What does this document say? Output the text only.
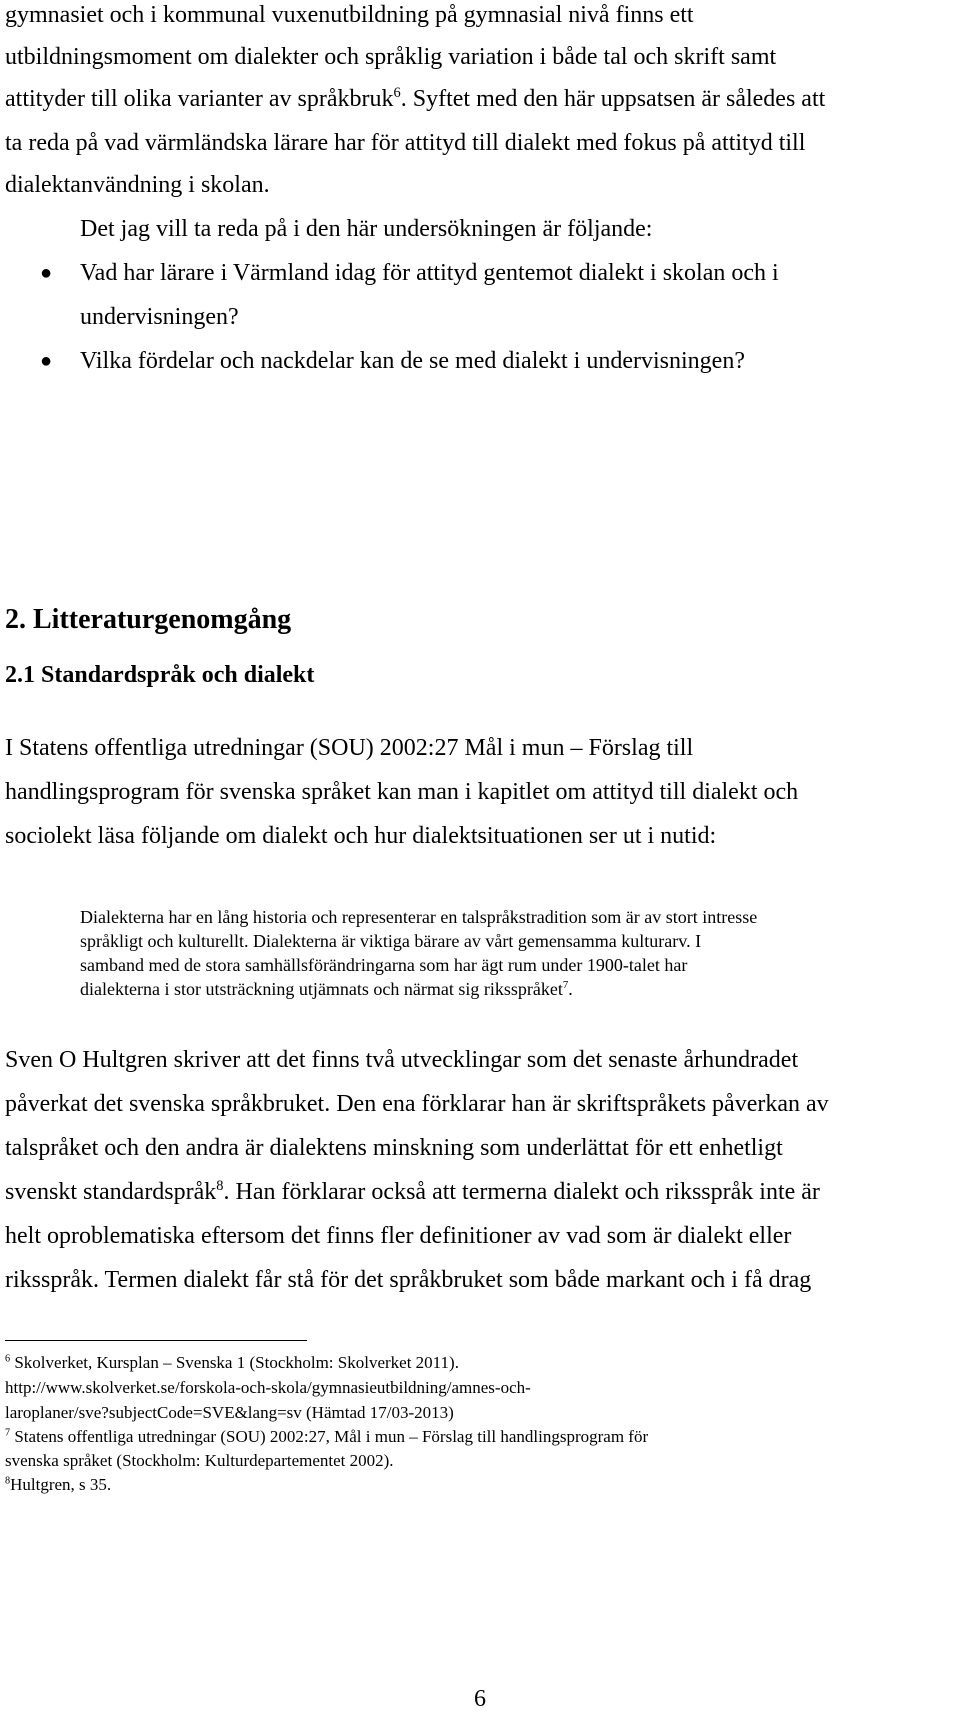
gymnasiet och i kommunal vuxenutbildning på gymnasial nivå finns ett
utbildningsmoment om dialekter och språklig variation i både tal och skrift samt
attityder till olika varianter av språkbruk$^6$. Syftet med den här uppsatsen är således att
ta reda på vad värmländska lärare har för attityd till dialekt med fokus på attityd till
dialektanvändning i skolan.
Det jag vill ta reda på i den här undersökningen är följande:
● Vad har lärare i Värmland idag för attityd gentemot dialekt i skolan och i
undervisningen?
● Vilka fördelar och nackdelar kan de se med dialekt i undervisningen?
2. Litteraturgenomgång
2.1 Standardspråk och dialekt
I Statens offentliga utredningar (SOU) 2002:27 Mål i mun – Förslag till
handlingsprogram för svenska språket kan man i kapitlet om attityd till dialekt och
sociolekt läsa följande om dialekt och hur dialektsituationen ser ut i nutid:
Dialekterna har en lång historia och representerar en talspråkstradition som är av stort intresse
språkligt och kulturellt. Dialekterna är viktiga bärare av vårt gemensamma kulturarv. I
samband med de stora samhällsförändringarna som har ägt rum under 1900-talet har
dialekterna i stor utsträckning utjämnats och närmat sig riksspråket$^7$.
Sven O Hultgren skriver att det finns två utvecklingar som det senaste århundradet
påverkat det svenska språkbruket. Den ena förklarar han är skriftspråkets påverkan av
talspråket och den andra är dialektens minskning som underlättat för ett enhetligt
svenskt standardspråk$^8$. Han förklarar också att termerna dialekt och riksspråk inte är
helt oproblematiska eftersom det finns fler definitioner av vad som är dialekt eller
riksspråk. Termen dialekt får stå för det språkbruket som både markant och i få drag
$^6$ Skolverket, Kursplan – Svenska 1 (Stockholm: Skolverket 2011).
http://www.skolverket.se/forskola-och-skola/gymnasieutbildning/amnes-och-
laroplaner/sve?subjectCode=SVE&lang=sv (Hämtad 17/03-2013)
$^7$ Statens offentliga utredningar (SOU) 2002:27, Mål i mun – Förslag till handlingsprogram för
svenska språket (Stockholm: Kulturdepartementet 2002).
$^8$Hultgren, s 35.
6
